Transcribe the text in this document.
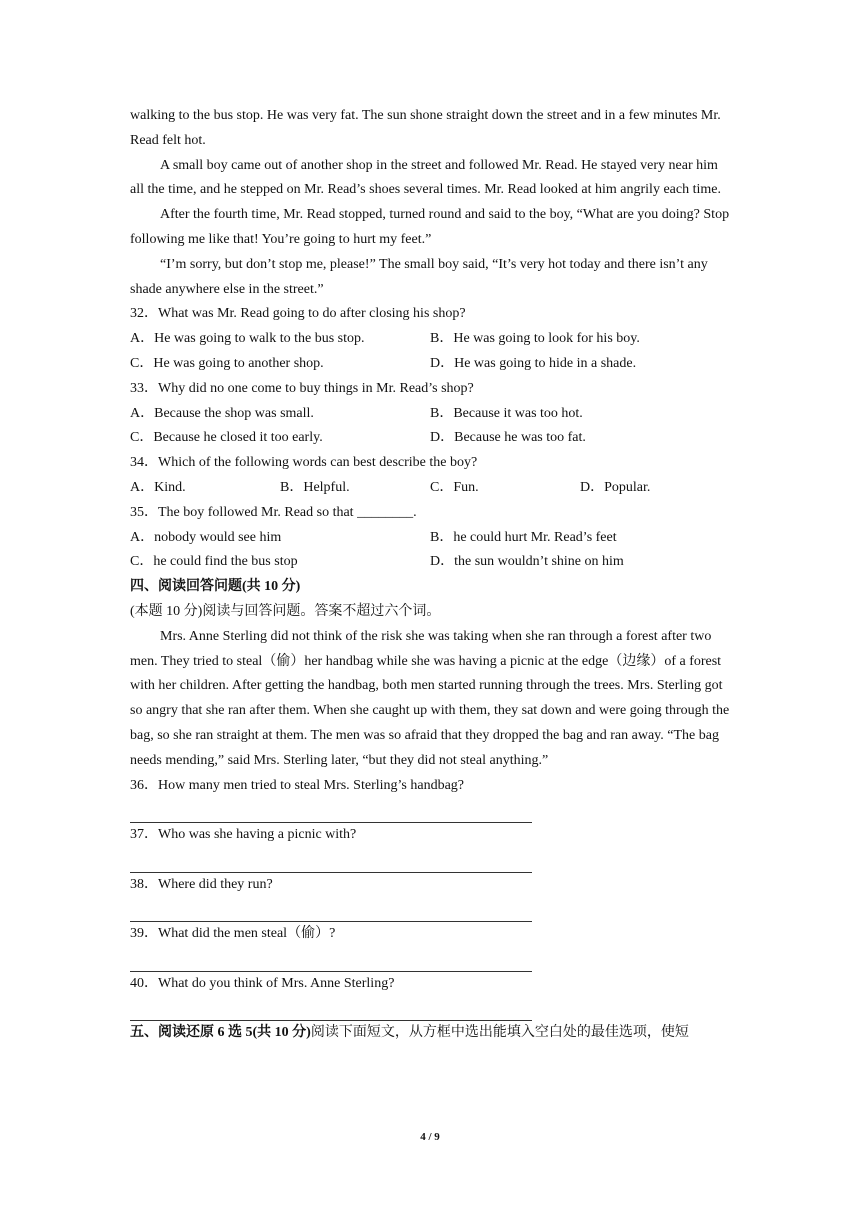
walking to the bus stop. He was very fat. The sun shone straight down the street and in a few minutes Mr. Read felt hot.

A small boy came out of another shop in the street and followed Mr. Read. He stayed very near him all the time, and he stepped on Mr. Read’s shoes several times. Mr. Read looked at him angrily each time.

After the fourth time, Mr. Read stopped, turned round and said to the boy, “What are you doing? Stop following me like that! You’re going to hurt my feet.”

“I’m sorry, but don’t stop me, please!” The small boy said, “It’s very hot today and there isn’t any shade anywhere else in the street.”

32．What was Mr. Read going to do after closing his shop?

A．He was going to walk to the bus stop.	B．He was going to look for his boy.
C．He was going to another shop.	D．He was going to hide in a shade.

33．Why did no one come to buy things in Mr. Read’s shop?

A．Because the shop was small.	B．Because it was too hot.
C．Because he closed it too early.	D．Because he was too fat.

34．Which of the following words can best describe the boy?

A．Kind.	B．Helpful.	C．Fun.	D．Popular.

35．The boy followed Mr. Read so that ________.

A．nobody would see him	B．he could hurt Mr. Read’s feet
C．he could find the bus stop	D．the sun wouldn’t shine on him

四、阅读回答问题(共 10 分)

(本题 10 分)阅读与回答问题。答案不超过六个词。

Mrs. Anne Sterling did not think of the risk she was taking when she ran through a forest after two men. They tried to steal（偷）her handbag while she was having a picnic at the edge（边缘）of a forest with her children. After getting the handbag, both men started running through the trees. Mrs. Sterling got so angry that she ran after them. When she caught up with them, they sat down and were going through the bag, so she ran straight at them. The men was so afraid that they dropped the bag and ran away. “The bag needs mending,” said Mrs. Sterling later, “but they did not steal anything.”

36．How many men tried to steal Mrs. Sterling’s handbag?

37．Who was she having a picnic with?

38．Where did they run?

39．What did the men steal（偷）?

40．What do you think of Mrs. Anne Sterling?

五、阅读还原 6 选 5(共 10 分)阅读下面短文，从方框中选出能填入空白处的最佳选项，使短

4 / 9
